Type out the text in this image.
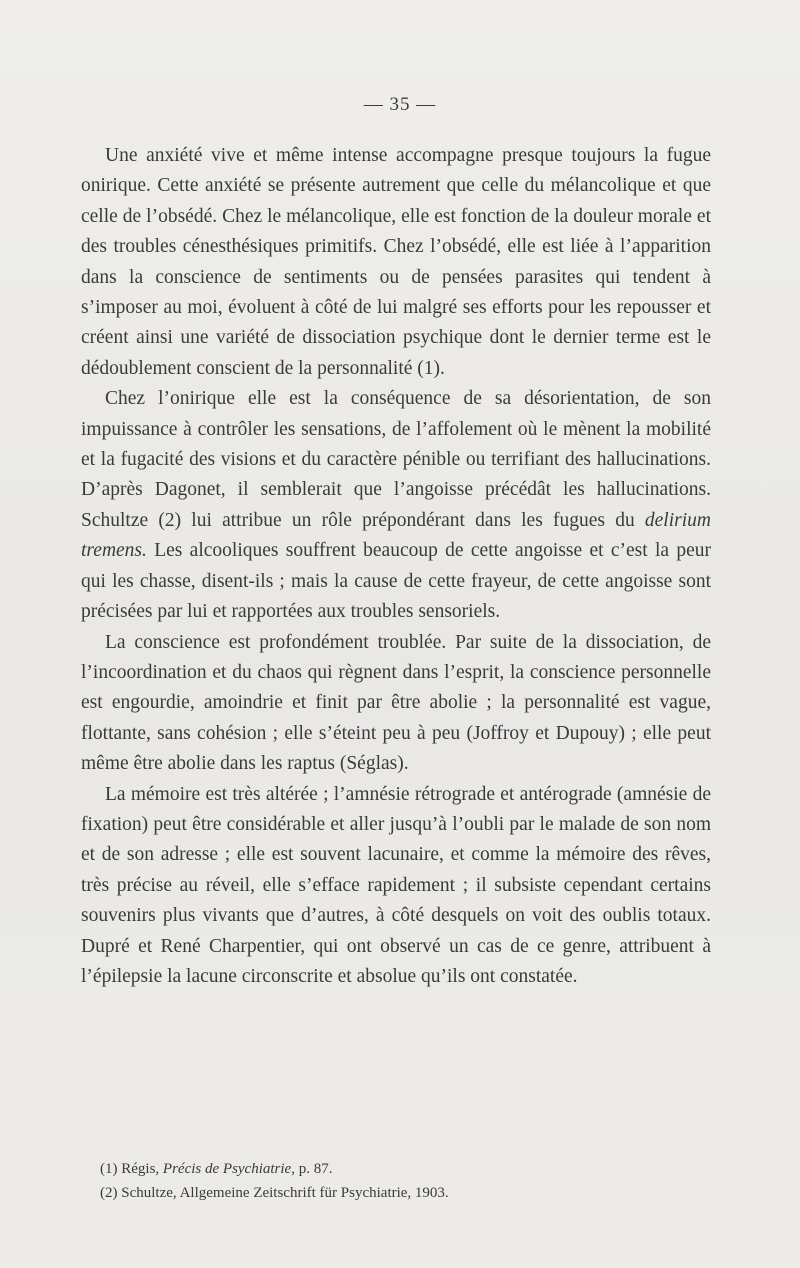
— 35 —

Une anxiété vive et même intense accompagne presque toujours la fugue onirique. Cette anxiété se présente autrement que celle du mélancolique et que celle de l’obsédé. Chez le mélancolique, elle est fonction de la douleur morale et des troubles cénesthésiques primitifs. Chez l’obsédé, elle est liée à l’apparition dans la conscience de sentiments ou de pensées parasites qui tendent à s’imposer au moi, évoluent à côté de lui malgré ses efforts pour les repousser et créent ainsi une variété de dissociation psychique dont le dernier terme est le dédoublement conscient de la personnalité (1).

Chez l’onirique elle est la conséquence de sa désorientation, de son impuissance à contrôler les sensations, de l’affolement où le mènent la mobilité et la fugacité des visions et du caractère pénible ou terrifiant des hallucinations. D’après Dagonet, il semblerait que l’angoisse précédât les hallucinations. Schultze (2) lui attribue un rôle prépondérant dans les fugues du delirium tremens. Les alcooliques souffrent beaucoup de cette angoisse et c’est la peur qui les chasse, disent-ils ; mais la cause de cette frayeur, de cette angoisse sont précisées par lui et rapportées aux troubles sensoriels.

La conscience est profondément troublée. Par suite de la dissociation, de l’incoordination et du chaos qui règnent dans l’esprit, la conscience personnelle est engourdie, amoindrie et finit par être abolie ; la personnalité est vague, flottante, sans cohésion ; elle s’éteint peu à peu (Joffroy et Dupouy) ; elle peut même être abolie dans les raptus (Séglas).

La mémoire est très altérée ; l’amnésie rétrograde et antérograde (amnésie de fixation) peut être considérable et aller jusqu’à l’oubli par le malade de son nom et de son adresse ; elle est souvent lacunaire, et comme la mémoire des rêves, très précise au réveil, elle s’efface rapidement ; il subsiste cependant certains souvenirs plus vivants que d’autres, à côté desquels on voit des oublis totaux. Dupré et René Charpentier, qui ont observé un cas de ce genre, attribuent à l’épilepsie la lacune circonscrite et absolue qu’ils ont constatée.

(1) Régis, Précis de Psychiatrie, p. 87.
(2) Schultze, Allgemeine Zeitschrift für Psychiatrie, 1903.
